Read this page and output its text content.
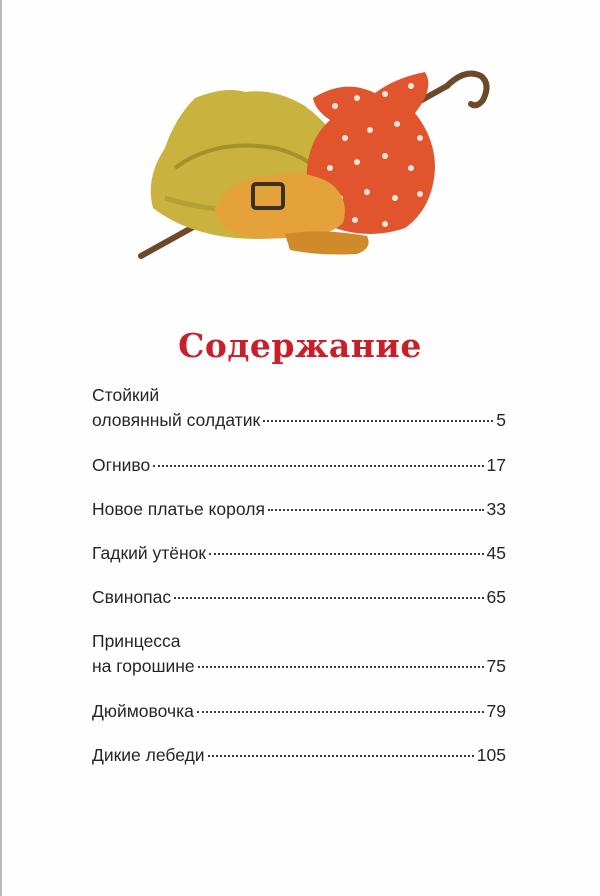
Содержание
Стойкий
оловянный солдатик	5
Огниво	17
Новое платье короля	33
Гадкий утёнок	45
Свинопас	65
Принцесса
на горошине	75
Дюймовочка	79
Дикие лебеди	105
